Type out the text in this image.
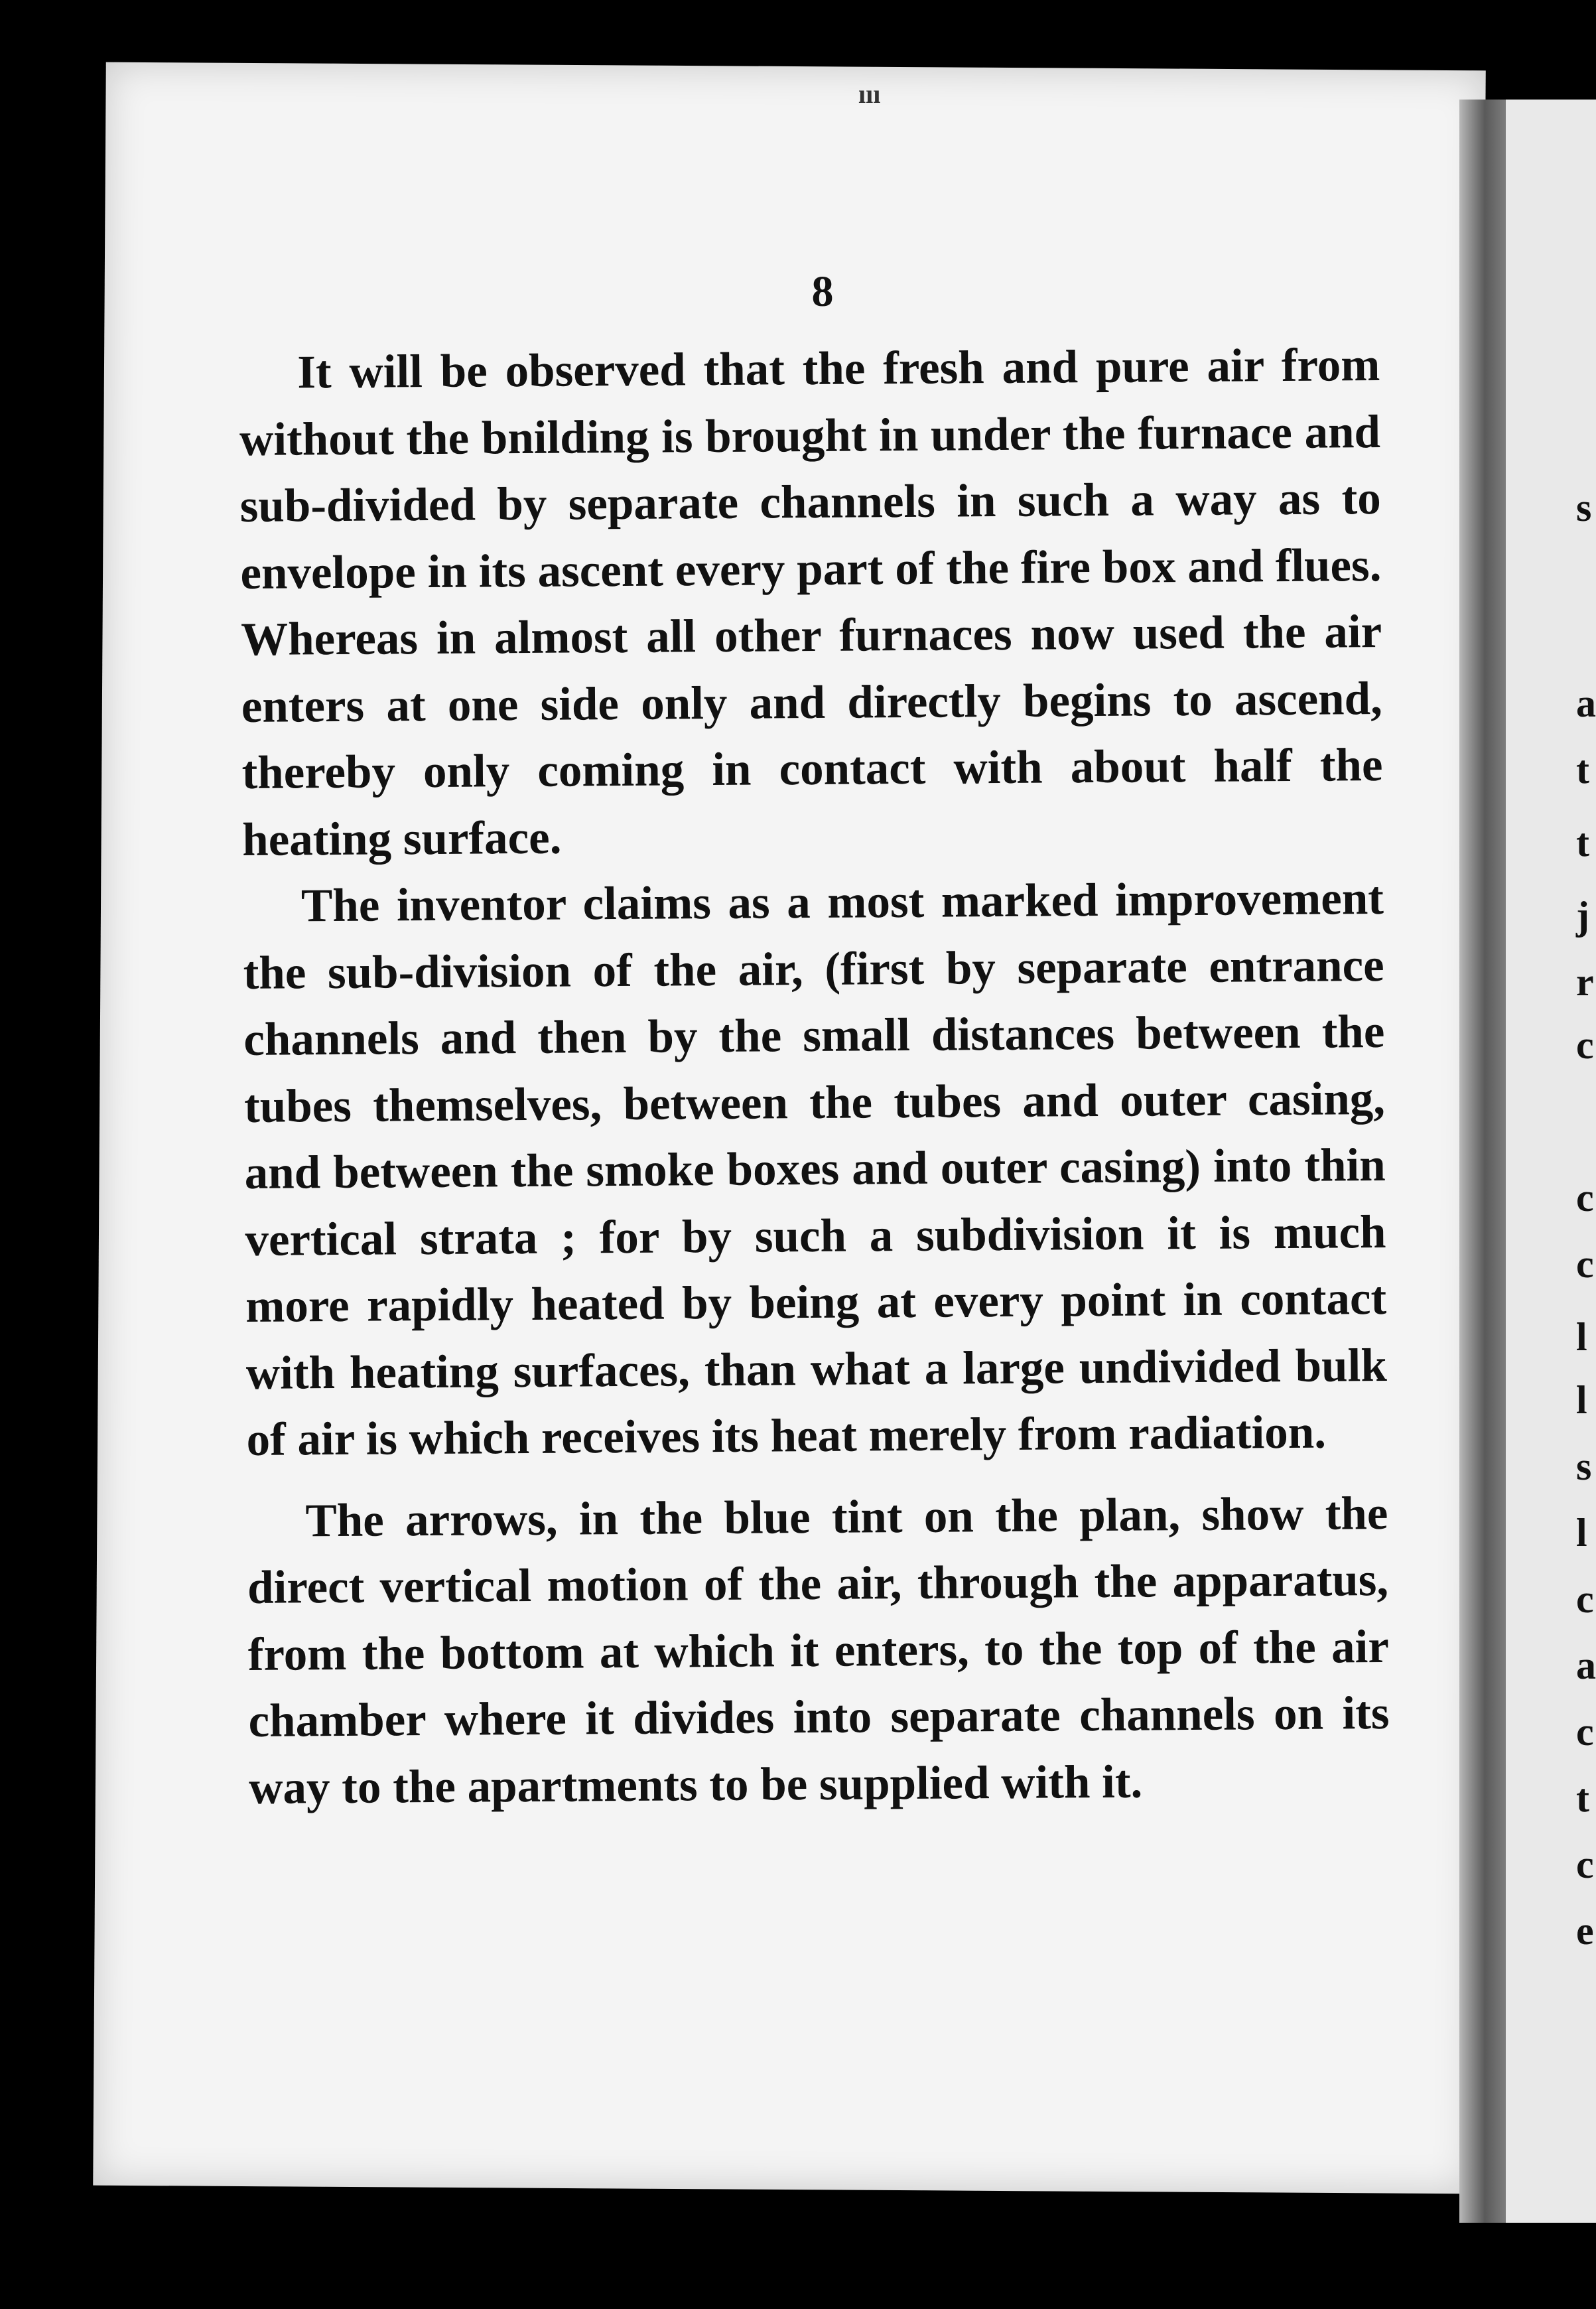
s
a
t
t
j
r
c
c
c
l
l
s
l
c
a
c
t
c
e
ııı
8

It will be observed that the fresh and pure air from without the bnilding is brought in under the furnace and sub-divided by separate channels in such a way as to envelope in its ascent every part of the fire box and flues. Whereas in almost all other furnaces now used the air enters at one side only and directly begins to ascend, thereby only coming in contact with about half the heating surface.

The inventor claims as a most marked improvement the sub-division of the air, (first by separate entrance channels and then by the small distances between the tubes themselves, between the tubes and outer casing, and between the smoke boxes and outer casing) into thin vertical strata ; for by such a subdivision it is much more rapidly heated by being at every point in contact with heating surfaces, than what a large undivided bulk of air is which receives its heat merely from radiation.

The arrows, in the blue tint on the plan, show the direct vertical motion of the air, through the apparatus, from the bottom at which it enters, to the top of the air chamber where it divides into separate channels on its way to the apartments to be supplied with it.
